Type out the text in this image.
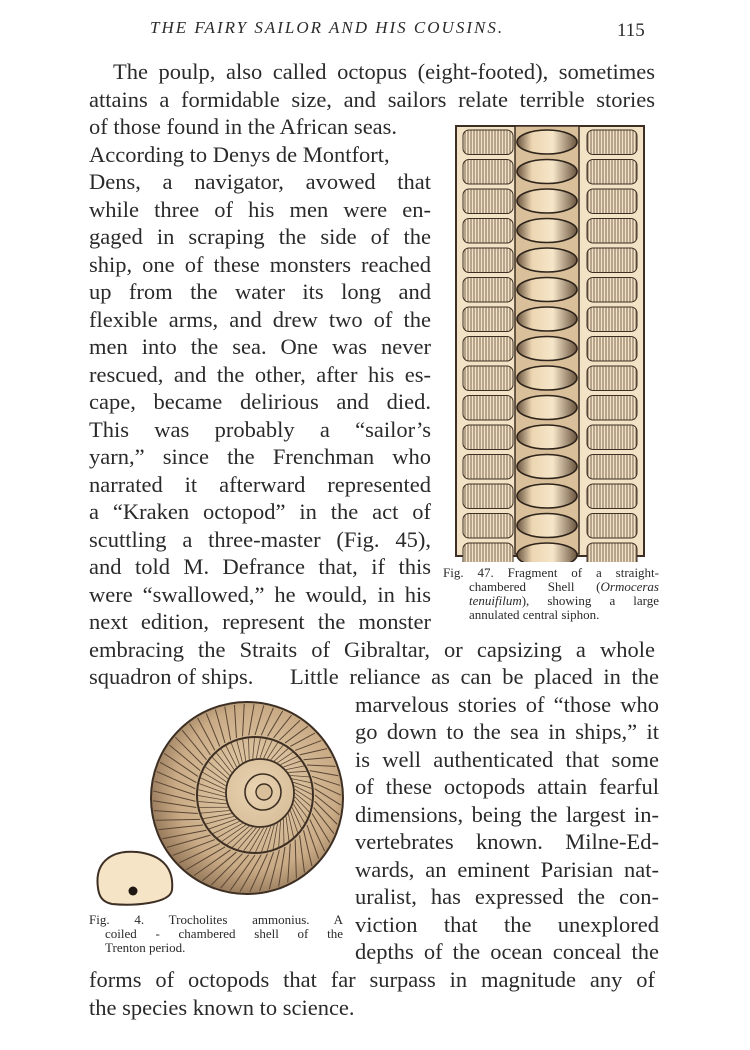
THE FAIRY SAILOR AND HIS COUSINS.	115
The poulp, also called octopus (eight-footed), sometimes
attains a formidable size, and sailors relate terrible stories
of those found in the African seas.
According to Denys de Montfort,
Dens, a navigator, avowed that
while three of his men were en-
gaged in scraping the side of the
ship, one of these monsters reached
up from the water its long and
flexible arms, and drew two of the
men into the sea. One was never
rescued, and the other, after his es-
cape, became delirious and died.
This was probably a “sailor’s
yarn,” since the Frenchman who
narrated it afterward represented
a “Kraken octopod” in the act of
scuttling a three-master (Fig. 45),
and told M. Defrance that, if this
were “swallowed,” he would, in his
next edition, represent the monster
embracing the Straits of Gibraltar, or capsizing a whole
squadron of ships. Little reliance as can be placed in the
marvelous stories of “those who
go down to the sea in ships,” it
is well authenticated that some
of these octopods attain fearful
dimensions, being the largest in-
vertebrates known. Milne-Ed-
wards, an eminent Parisian nat-
uralist, has expressed the con-
viction that the unexplored
depths of the ocean conceal the
forms of octopods that far surpass in magnitude any of
the species known to science.
Fig. 47. Fragment of a straight-
chambered Shell (Ormoceras
tenuifilum), showing a large
annulated central siphon.
Fig. 4. Trocholites ammonius. A
coiled - chambered shell of the
Trenton period.
